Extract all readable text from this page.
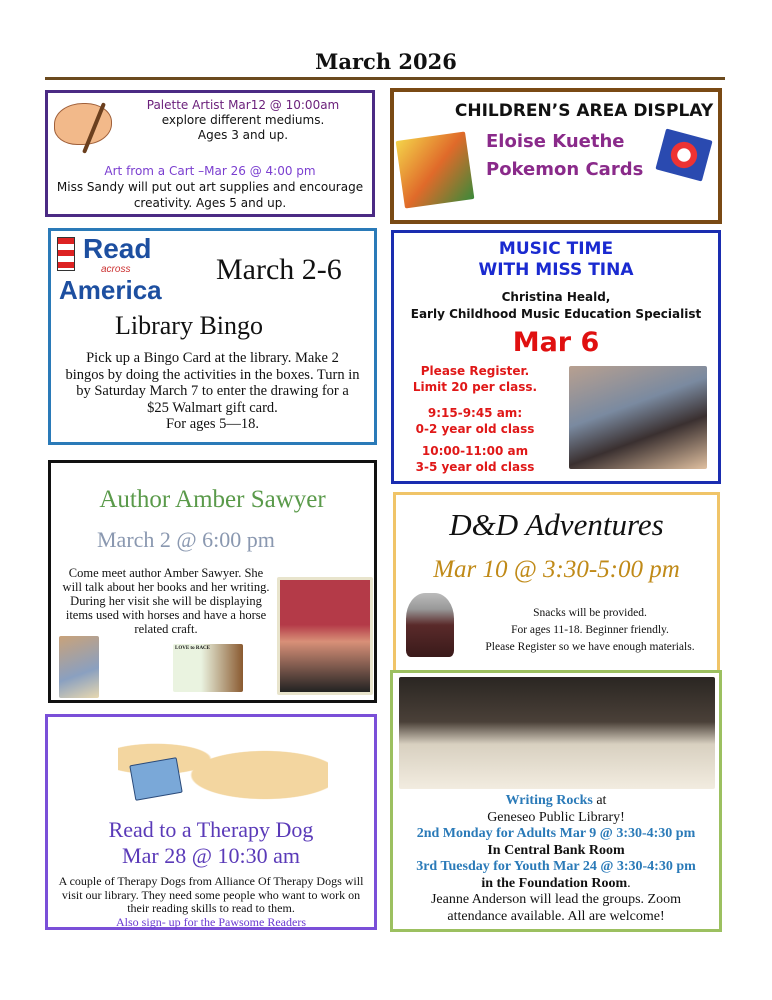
March 2026
Palette Artist Mar12 @ 10:00am
explore different mediums.
Ages 3 and up.
Art from a Cart –Mar 26 @ 4:00 pm
Miss Sandy will put out art supplies and encourage creativity. Ages 5 and up.
CHILDREN’S AREA DISPLAY
Eloise Kuethe
Pokemon Cards
Read
across
America
March 2-6
Library Bingo
Pick up a Bingo Card at the library. Make 2 bingos by doing the activities in the boxes. Turn in by Saturday March 7 to enter the drawing for a $25 Walmart gift card.
For ages 5—18.
MUSIC TIME
WITH MISS TINA
Christina Heald,
Early Childhood Music Education Specialist
Mar 6
Please Register.
Limit 20 per class.
9:15-9:45 am:
0-2 year old class
10:00-11:00 am
3-5 year old class
Author Amber Sawyer
March 2 @ 6:00 pm
Come meet author Amber Sawyer. She will talk about her books and her writing. During her visit she will be displaying items used with horses and have a horse related craft.
LOVE to RACE
D&D Adventures
Mar 10 @ 3:30-5:00 pm
Snacks will be provided.
For ages 11-18. Beginner friendly.
Please Register so we have enough materials.
Read to a Therapy Dog
Mar 28 @ 10:30 am
A couple of Therapy Dogs from Alliance Of Therapy Dogs will visit our library. They need some people who want to work on their reading skills to read to them.
Also sign- up for the Pawsome Readers
Writing Rocks at
Geneseo Public Library!
2nd Monday for Adults Mar 9 @ 3:30-4:30 pm
In Central Bank Room
3rd Tuesday for Youth Mar 24 @ 3:30-4:30 pm
in the Foundation Room.
Jeanne Anderson will lead the groups. Zoom attendance available. All are welcome!
